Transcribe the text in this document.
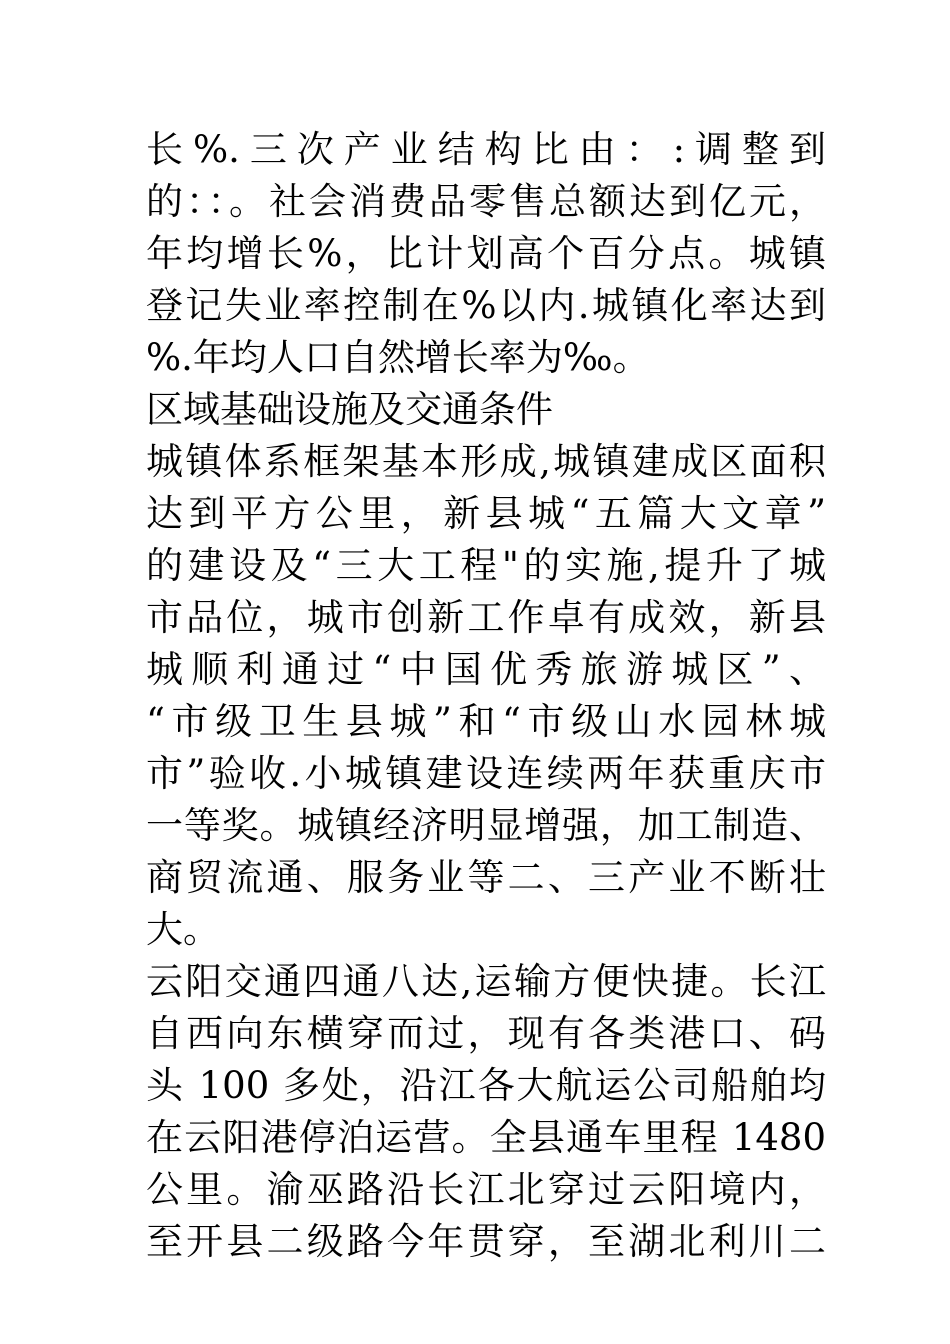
长%.三次产业结构比由：:调整到
的：：。社会消费品零售总额达到亿元，
年均增长%，比计划高个百分点。城镇
登记失业率控制在%以内.城镇化率达到
%.年均人口自然增长率为‰。
区域基础设施及交通条件
城镇体系框架基本形成,城镇建成区面积
达到平方公里，新县城“五篇大文章”
的建设及“三大工程"的实施,提升了城
市品位，城市创新工作卓有成效，新县
城顺利通过“中国优秀旅游城区”、
“市级卫生县城”和“市级山水园林城
市”验收.小城镇建设连续两年获重庆市
一等奖。城镇经济明显增强，加工制造、
商贸流通、服务业等二、三产业不断壮
大。
云阳交通四通八达,运输方便快捷。长江
自西向东横穿而过，现有各类港口、码
头 100 多处，沿江各大航运公司船舶均
在云阳港停泊运营。全县通车里程 1480
公里。渝巫路沿长江北穿过云阳境内，
至开县二级路今年贯穿，至湖北利川二
